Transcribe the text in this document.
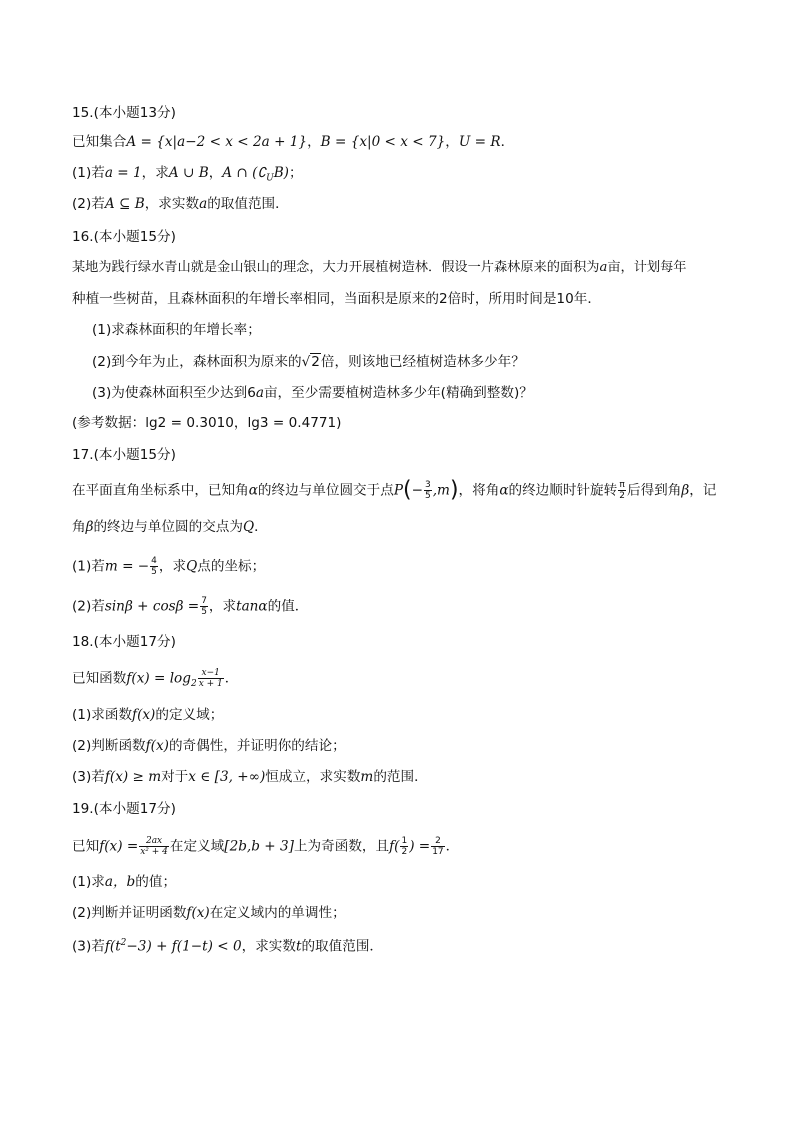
15.(本小题13分)
已知集合A = {x|a−2 < x < 2a + 1}，B = {x|0 < x < 7}，U = R．
(1)若a = 1，求A ∪ B，A ∩ $(∁_UB)$；
(2)若A ⊆ B，求实数a的取值范围．
16.(本小题15分)
某地为践行绿水青山就是金山银山的理念，大力开展植树造林．假设一片森林原来的面积为a亩，计划每年
种植一些树苗，且森林面积的年增长率相同，当面积是原来的2倍时，所用时间是10年．
(1)求森林面积的年增长率；
(2)到今年为止，森林面积为原来的√2倍，则该地已经植树造林多少年？
(3)为使森林面积至少达到6a亩，至少需要植树造林多少年(精确到整数)？
(参考数据：lg2 = 0.3010，lg3 = 0.4771)
17.(本小题15分)
在平面直角坐标系中，已知角α的终边与单位圆交于点$P(- \frac{3}{5} ,m)$，将角α的终边顺时针旋转 $\frac{\pi}{2}$ 后得到角β，记
角β的终边与单位圆的交点为Q．
(1)若m = − $\frac{4}{5}$ ，求Q点的坐标；
(2)若$\sin\beta + \cos\beta = \frac{7}{5}$ ，求tanα的值．
18.(本小题17分)
已知函数$f(x) = \log_2 \frac{x-1}{x + 1}$ ．
(1)求函数f(x)的定义域；
(2)判断函数f(x)的奇偶性，并证明你的结论；
(3)若f(x) ≥ m对于x ∈ [3, +∞)恒成立，求实数m的范围．
19.(本小题17分)
已知$f(x) = \frac{2ax}{\text{x² + 4}}$ 在定义域[2b,b + 3]上为奇函数，且$f( \frac{1}{2}$ ) = $\frac{2}{17}$ ．
(1)求a，b的值；
(2)判断并证明函数f(x)在定义域内的单调性；
(3)若$f(t^2-3) + f(1-t) < 0$，求实数t的取值范围．
